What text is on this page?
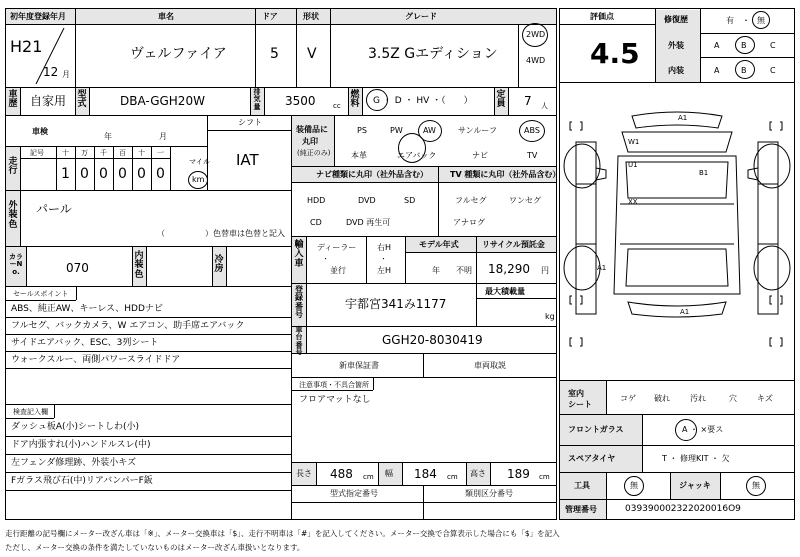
初年度登録年月	車名	ドア	形状	グレード
H21
12 月
ヴェルファイア	5 V	3.5Z Gエディション
2WD
4WD
車歴 自家用 型式	DBA-GGH20W
排気量 3500 cc
燃料 G ・ D ・ HV ・（　　）
定員 7 人
車検
年	月
シフト
IAT
走行
記号	十 万 千 百 十 一
1 0 0 0 0 0
マイル
km
外装色
パール
（　　　　　）色替車は色替と記入
カラーNo.	070
内装色
冷房
セールスポイント
ABS、純正AW、キーレス、HDDナビ
フルセグ、バックカメラ、W エアコン、助手席エアバック
サイドエアバック、ESC、3列シート
ウォークスルー、両側パワースライドドア
検査記入欄
ダッシュ板A(小)シートしわ(小)
ドア内張すれ(小)ハンドルスレ(中)
左フェンダ修理跡、外装小キズ
Fガラス飛び石(中)リアバンパーF鈑
装備品に
丸印
(純正のみ)
PS	PW	AW	サンルーフ	ABS
本革	エアバック	ナビ	TV
ナビ種類に丸印（社外品含む）	TV 種類に丸印（社外品含む）
HDD	DVD	SD
CD	DVD 再生可
フルセグ	ワンセグ
アナログ
輸入車
ディーラー
・
並行
右H
・
左H
モデル年式
年 不明
リサイクル預託金
18,290 円
登録番号
宇都宮341み1177
最大積載量
kg
車台番号
GGH20-8030419
新車保証書	車両取説
注意事項・不具合箇所
フロアマットなし
長さ 488 cm 幅 184 cm 高さ 189 cm
型式指定番号	類別区分番号
評価点
4.5
修復歴
外装
内装
有 ・ 無
A	B	C
A	B	C
A1
W1
U1
B1
XX
A1
A1
室内
シート
コゲ 破れ	汚れ	穴	キズ
フロントガラス	A ・ ×要ス
スペアタイヤ	T ・ 修理KIT ・ 欠
工具	無	ジャッキ	無
管理番号	039390002322020016O9
走行距離の記号欄にメーター改ざん車は「※」、メーター交換車は「$」、走行不明車は「#」を記入してください。メーター交換で合算表示した場合にも「$」を記入
ただし、メーター交換の条件を満たしていないものはメーター改ざん車扱いとなります。
